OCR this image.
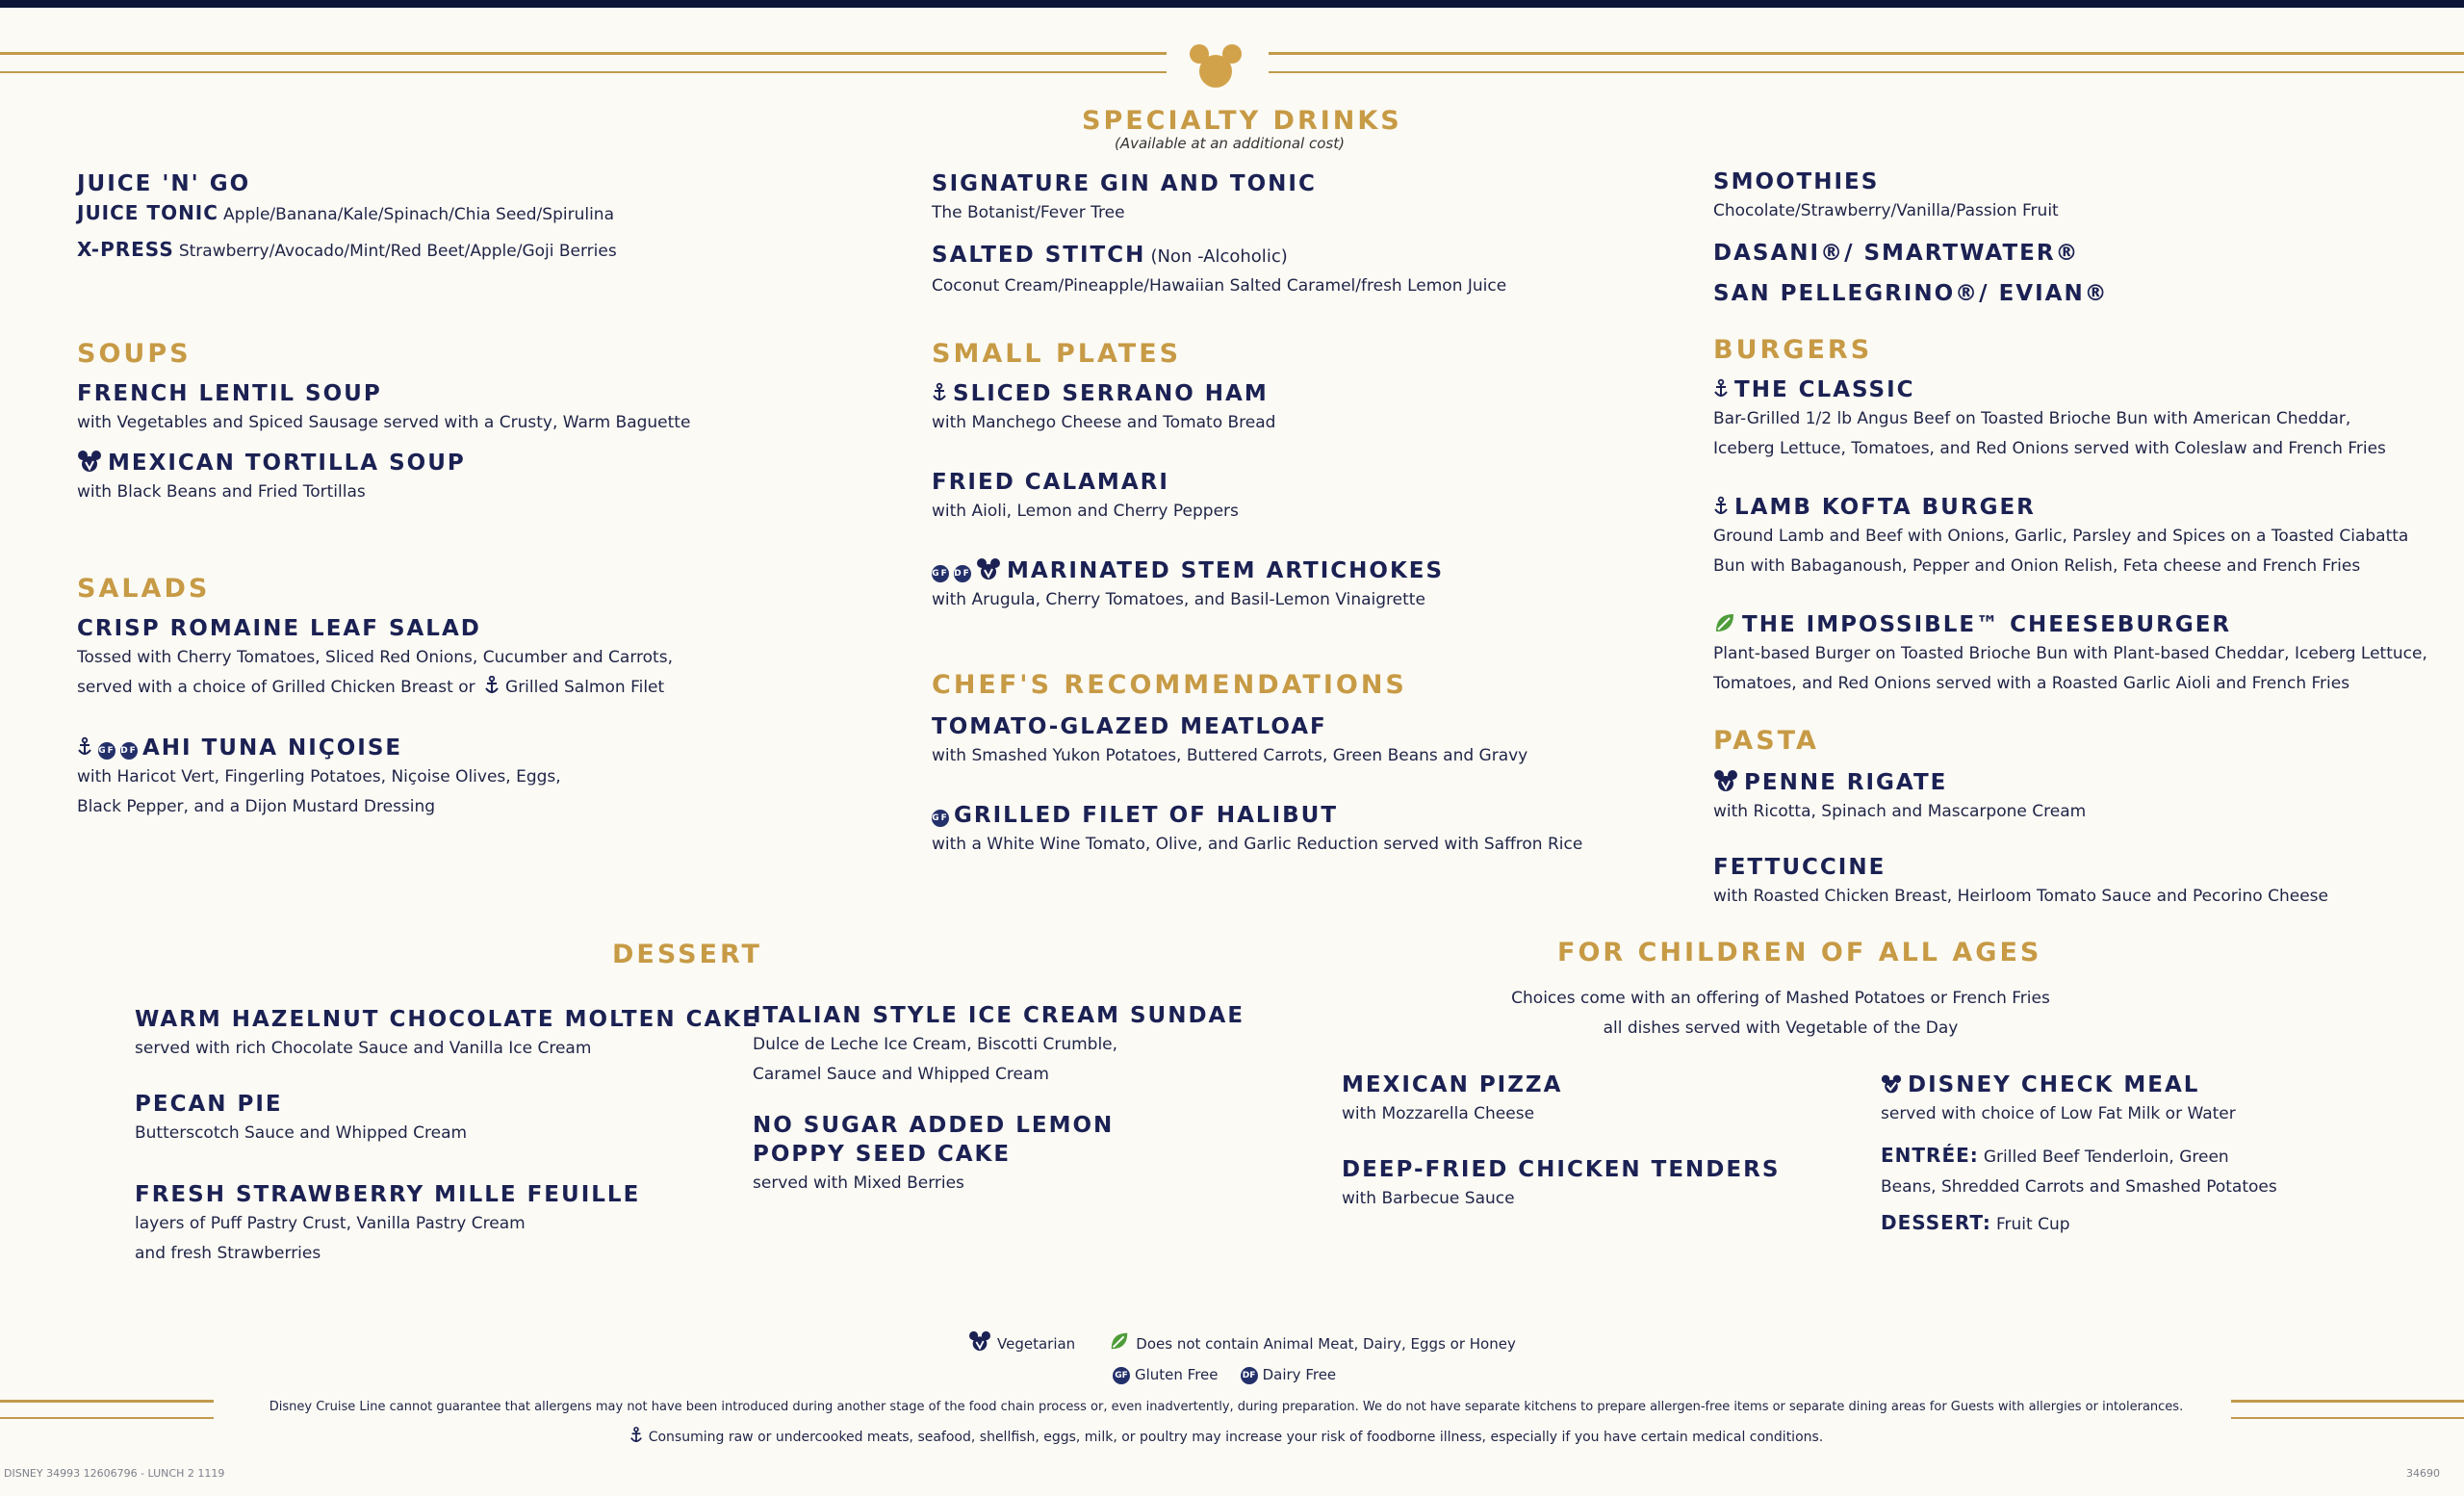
SPECIALTY DRINKS
(Available at an additional cost)
JUICE 'N' GO
JUICE TONIC Apple/Banana/Kale/Spinach/Chia Seed/Spirulina
X-PRESS Strawberry/Avocado/Mint/Red Beet/Apple/Goji Berries
SIGNATURE GIN AND TONIC
The Botanist/Fever Tree
SALTED STITCH (Non -Alcoholic)
Coconut Cream/Pineapple/Hawaiian Salted Caramel/fresh Lemon Juice
SMOOTHIES
Chocolate/Strawberry/Vanilla/Passion Fruit
DASANI®/ SMARTWATER®
SAN PELLEGRINO®/ EVIAN®
SOUPS
FRENCH LENTIL SOUP
with Vegetables and Spiced Sausage served with a Crusty, Warm Baguette
MEXICAN TORTILLA SOUP
with Black Beans and Fried Tortillas
SALADS
CRISP ROMAINE LEAF SALAD
Tossed with Cherry Tomatoes, Sliced Red Onions, Cucumber and Carrots,
served with a choice of Grilled Chicken Breast or Grilled Salmon Filet
GF DF AHI TUNA NIÇOISE
with Haricot Vert, Fingerling Potatoes, Niçoise Olives, Eggs,
Black Pepper, and a Dijon Mustard Dressing
SMALL PLATES
SLICED SERRANO HAM
with Manchego Cheese and Tomato Bread
FRIED CALAMARI
with Aioli, Lemon and Cherry Peppers
GF DF MARINATED STEM ARTICHOKES
with Arugula, Cherry Tomatoes, and Basil-Lemon Vinaigrette
CHEF'S RECOMMENDATIONS
TOMATO-GLAZED MEATLOAF
with Smashed Yukon Potatoes, Buttered Carrots, Green Beans and Gravy
GF GRILLED FILET OF HALIBUT
with a White Wine Tomato, Olive, and Garlic Reduction served with Saffron Rice
BURGERS
THE CLASSIC
Bar-Grilled 1/2 lb Angus Beef on Toasted Brioche Bun with American Cheddar,
Iceberg Lettuce, Tomatoes, and Red Onions served with Coleslaw and French Fries
LAMB KOFTA BURGER
Ground Lamb and Beef with Onions, Garlic, Parsley and Spices on a Toasted Ciabatta
Bun with Babaganoush, Pepper and Onion Relish, Feta cheese and French Fries
THE IMPOSSIBLE™ CHEESEBURGER
Plant-based Burger on Toasted Brioche Bun with Plant-based Cheddar, Iceberg Lettuce,
Tomatoes, and Red Onions served with a Roasted Garlic Aioli and French Fries
PASTA
PENNE RIGATE
with Ricotta, Spinach and Mascarpone Cream
FETTUCCINE
with Roasted Chicken Breast, Heirloom Tomato Sauce and Pecorino Cheese
DESSERT
WARM HAZELNUT CHOCOLATE MOLTEN CAKE
served with rich Chocolate Sauce and Vanilla Ice Cream
PECAN PIE
Butterscotch Sauce and Whipped Cream
FRESH STRAWBERRY MILLE FEUILLE
layers of Puff Pastry Crust, Vanilla Pastry Cream
and fresh Strawberries
ITALIAN STYLE ICE CREAM SUNDAE
Dulce de Leche Ice Cream, Biscotti Crumble,
Caramel Sauce and Whipped Cream
NO SUGAR ADDED LEMON
POPPY SEED CAKE
served with Mixed Berries
FOR CHILDREN OF ALL AGES
Choices come with an offering of Mashed Potatoes or French Fries
all dishes served with Vegetable of the Day
MEXICAN PIZZA
with Mozzarella Cheese
DEEP-FRIED CHICKEN TENDERS
with Barbecue Sauce
DISNEY CHECK MEAL
served with choice of Low Fat Milk or Water
ENTRÉE: Grilled Beef Tenderloin, Green
Beans, Shredded Carrots and Smashed Potatoes
DESSERT: Fruit Cup
Vegetarian	Does not contain Animal Meat, Dairy, Eggs or Honey
GF Gluten Free	DF Dairy Free
Disney Cruise Line cannot guarantee that allergens may not have been introduced during another stage of the food chain process or, even inadvertently, during preparation. We do not have separate kitchens to prepare allergen-free items or separate dining areas for Guests with allergies or intolerances.
Consuming raw or undercooked meats, seafood, shellfish, eggs, milk, or poultry may increase your risk of foodborne illness, especially if you have certain medical conditions.
DISNEY 34993 12606796 - LUNCH 2 1119	34690
